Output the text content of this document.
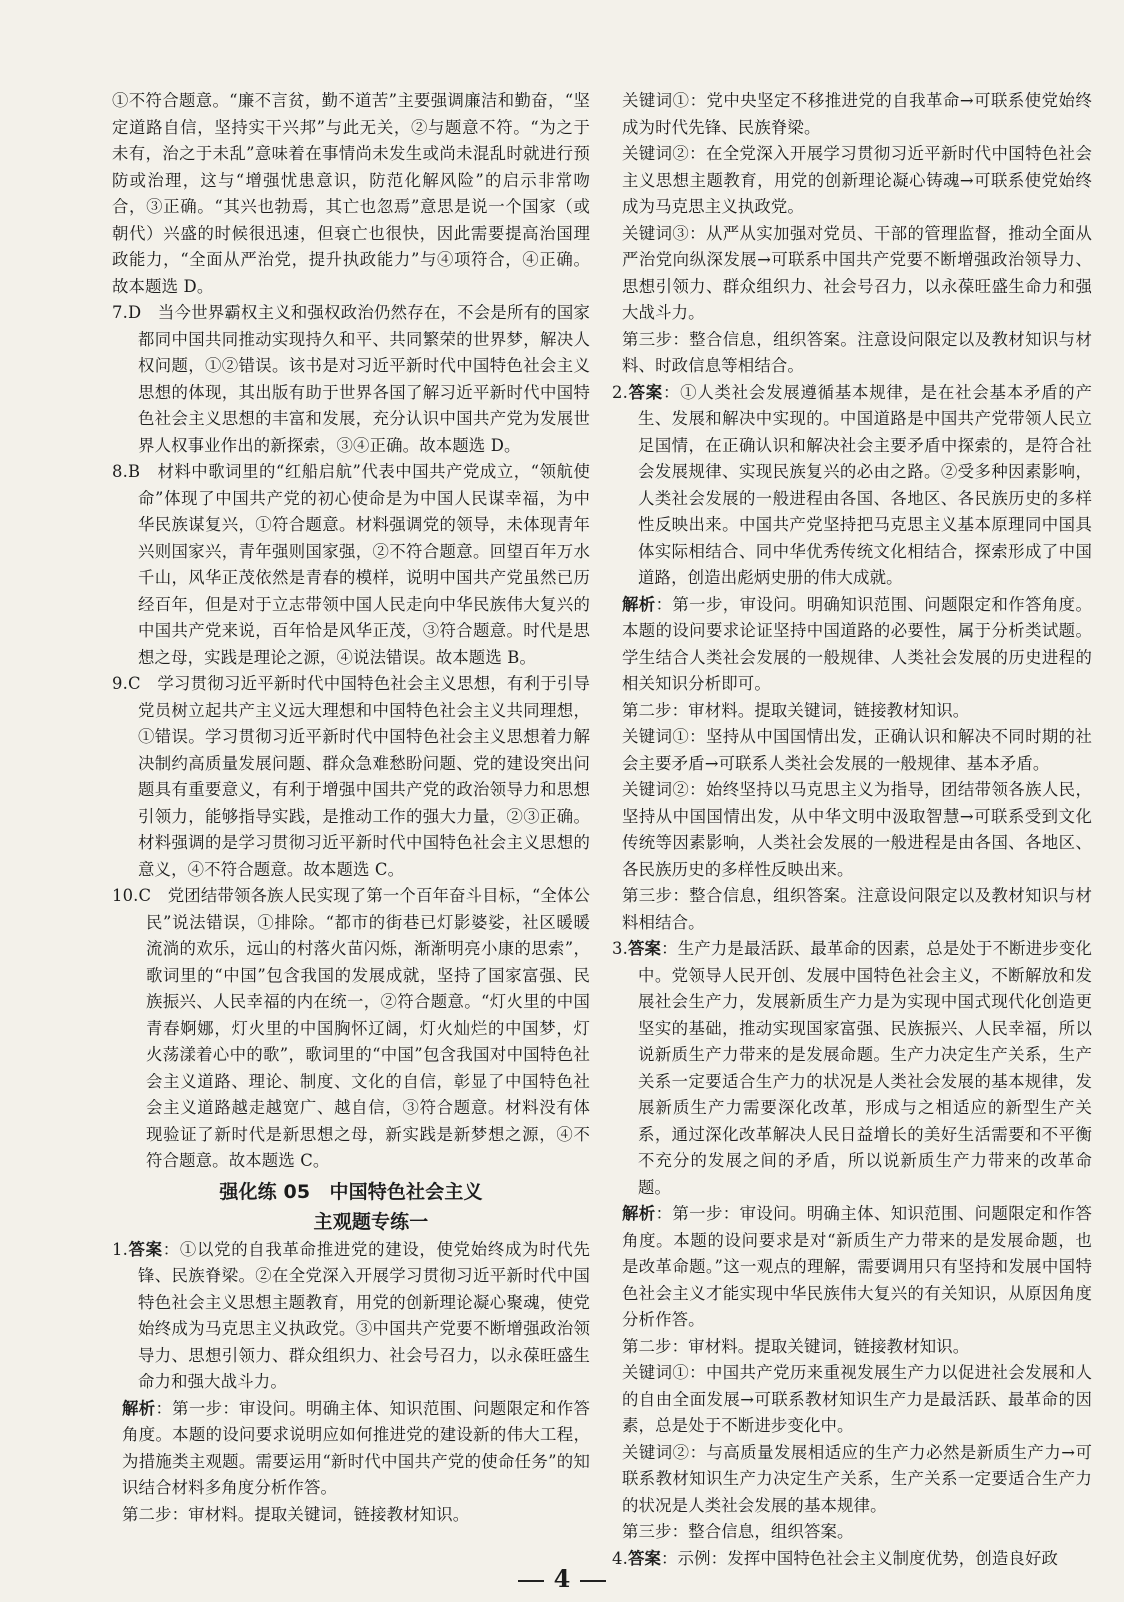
①不符合题意。“廉不言贫，勤不道苦”主要强调廉洁和勤奋，“坚定道路自信，坚持实干兴邦”与此无关，②与题意不符。“为之于未有，治之于未乱”意味着在事情尚未发生或尚未混乱时就进行预防或治理，这与“增强忧患意识，防范化解风险”的启示非常吻合，③正确。“其兴也勃焉，其亡也忽焉”意思是说一个国家（或朝代）兴盛的时候很迅速，但衰亡也很快，因此需要提高治国理政能力，“全面从严治党，提升执政能力”与④项符合，④正确。故本题选 D。

7.D　当今世界霸权主义和强权政治仍然存在，不会是所有的国家都同中国共同推动实现持久和平、共同繁荣的世界梦，解决人权问题，①②错误。该书是对习近平新时代中国特色社会主义思想的体现，其出版有助于世界各国了解习近平新时代中国特色社会主义思想的丰富和发展，充分认识中国共产党为发展世界人权事业作出的新探索，③④正确。故本题选 D。

8.B　材料中歌词里的“红船启航”代表中国共产党成立，“领航使命”体现了中国共产党的初心使命是为中国人民谋幸福，为中华民族谋复兴，①符合题意。材料强调党的领导，未体现青年兴则国家兴，青年强则国家强，②不符合题意。回望百年万水千山，风华正茂依然是青春的模样，说明中国共产党虽然已历经百年，但是对于立志带领中国人民走向中华民族伟大复兴的中国共产党来说，百年恰是风华正茂，③符合题意。时代是思想之母，实践是理论之源，④说法错误。故本题选 B。

9.C　学习贯彻习近平新时代中国特色社会主义思想，有利于引导党员树立起共产主义远大理想和中国特色社会主义共同理想，①错误。学习贯彻习近平新时代中国特色社会主义思想着力解决制约高质量发展问题、群众急难愁盼问题、党的建设突出问题具有重要意义，有利于增强中国共产党的政治领导力和思想引领力，能够指导实践，是推动工作的强大力量，②③正确。材料强调的是学习贯彻习近平新时代中国特色社会主义思想的意义，④不符合题意。故本题选 C。

10.C　党团结带领各族人民实现了第一个百年奋斗目标，“全体公民”说法错误，①排除。“都市的街巷已灯影婆娑，社区暖暖流淌的欢乐，远山的村落火苗闪烁，渐渐明亮小康的思索”，歌词里的“中国”包含我国的发展成就，坚持了国家富强、民族振兴、人民幸福的内在统一，②符合题意。“灯火里的中国青春婀娜，灯火里的中国胸怀辽阔，灯火灿烂的中国梦，灯火荡漾着心中的歌”，歌词里的“中国”包含我国对中国特色社会主义道路、理论、制度、文化的自信，彰显了中国特色社会主义道路越走越宽广、越自信，③符合题意。材料没有体现验证了新时代是新思想之母，新实践是新梦想之源，④不符合题意。故本题选 C。

强化练 05　中国特色社会主义
主观题专练一

1.答案：①以党的自我革命推进党的建设，使党始终成为时代先锋、民族脊梁。②在全党深入开展学习贯彻习近平新时代中国特色社会主义思想主题教育，用党的创新理论凝心聚魂，使党始终成为马克思主义执政党。③中国共产党要不断增强政治领导力、思想引领力、群众组织力、社会号召力，以永葆旺盛生命力和强大战斗力。

解析：第一步：审设问。明确主体、知识范围、问题限定和作答角度。本题的设问要求说明应如何推进党的建设新的伟大工程，为措施类主观题。需要运用“新时代中国共产党的使命任务”的知识结合材料多角度分析作答。

第二步：审材料。提取关键词，链接教材知识。

关键词①：党中央坚定不移推进党的自我革命→可联系使党始终成为时代先锋、民族脊梁。

关键词②：在全党深入开展学习贯彻习近平新时代中国特色社会主义思想主题教育，用党的创新理论凝心铸魂→可联系使党始终成为马克思主义执政党。

关键词③：从严从实加强对党员、干部的管理监督，推动全面从严治党向纵深发展→可联系中国共产党要不断增强政治领导力、思想引领力、群众组织力、社会号召力，以永葆旺盛生命力和强大战斗力。

第三步：整合信息，组织答案。注意设问限定以及教材知识与材料、时政信息等相结合。

2.答案：①人类社会发展遵循基本规律，是在社会基本矛盾的产生、发展和解决中实现的。中国道路是中国共产党带领人民立足国情，在正确认识和解决社会主要矛盾中探索的，是符合社会发展规律、实现民族复兴的必由之路。②受多种因素影响，人类社会发展的一般进程由各国、各地区、各民族历史的多样性反映出来。中国共产党坚持把马克思主义基本原理同中国具体实际相结合、同中华优秀传统文化相结合，探索形成了中国道路，创造出彪炳史册的伟大成就。

解析：第一步，审设问。明确知识范围、问题限定和作答角度。本题的设问要求论证坚持中国道路的必要性，属于分析类试题。学生结合人类社会发展的一般规律、人类社会发展的历史进程的相关知识分析即可。

第二步：审材料。提取关键词，链接教材知识。

关键词①：坚持从中国国情出发，正确认识和解决不同时期的社会主要矛盾→可联系人类社会发展的一般规律、基本矛盾。

关键词②：始终坚持以马克思主义为指导，团结带领各族人民，坚持从中国国情出发，从中华文明中汲取智慧→可联系受到文化传统等因素影响，人类社会发展的一般进程是由各国、各地区、各民族历史的多样性反映出来。

第三步：整合信息，组织答案。注意设问限定以及教材知识与材料相结合。

3.答案：生产力是最活跃、最革命的因素，总是处于不断进步变化中。党领导人民开创、发展中国特色社会主义，不断解放和发展社会生产力，发展新质生产力是为实现中国式现代化创造更坚实的基础，推动实现国家富强、民族振兴、人民幸福，所以说新质生产力带来的是发展命题。生产力决定生产关系，生产关系一定要适合生产力的状况是人类社会发展的基本规律，发展新质生产力需要深化改革，形成与之相适应的新型生产关系，通过深化改革解决人民日益增长的美好生活需要和不平衡不充分的发展之间的矛盾，所以说新质生产力带来的改革命题。

解析：第一步：审设问。明确主体、知识范围、问题限定和作答角度。本题的设问要求是对“新质生产力带来的是发展命题，也是改革命题。”这一观点的理解，需要调用只有坚持和发展中国特色社会主义才能实现中华民族伟大复兴的有关知识，从原因角度分析作答。

第二步：审材料。提取关键词，链接教材知识。

关键词①：中国共产党历来重视发展生产力以促进社会发展和人的自由全面发展→可联系教材知识生产力是最活跃、最革命的因素，总是处于不断进步变化中。

关键词②：与高质量发展相适应的生产力必然是新质生产力→可联系教材知识生产力决定生产关系，生产关系一定要适合生产力的状况是人类社会发展的基本规律。

第三步：整合信息，组织答案。

4.答案：示例：发挥中国特色社会主义制度优势，创造良好政

4
